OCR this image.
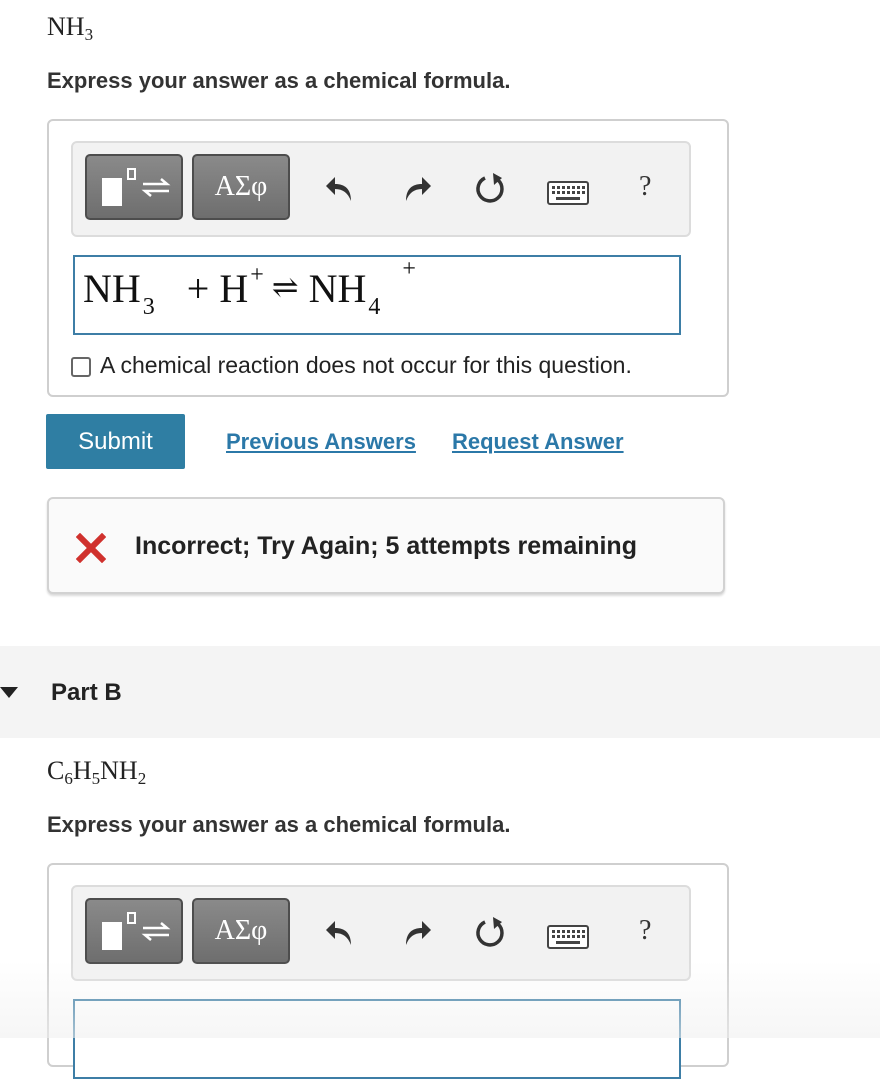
$NH_3$
Express your answer as a chemical formula.
ΑΣφ	?
$NH_3 + H^+$ ⇌ $NH_4^+$
A chemical reaction does not occur for this question.
Submit	Previous Answers Request Answer
Incorrect; Try Again; 5 attempts remaining
Part B
$C_6H_5NH_2$
Express your answer as a chemical formula.
ΑΣφ	?
